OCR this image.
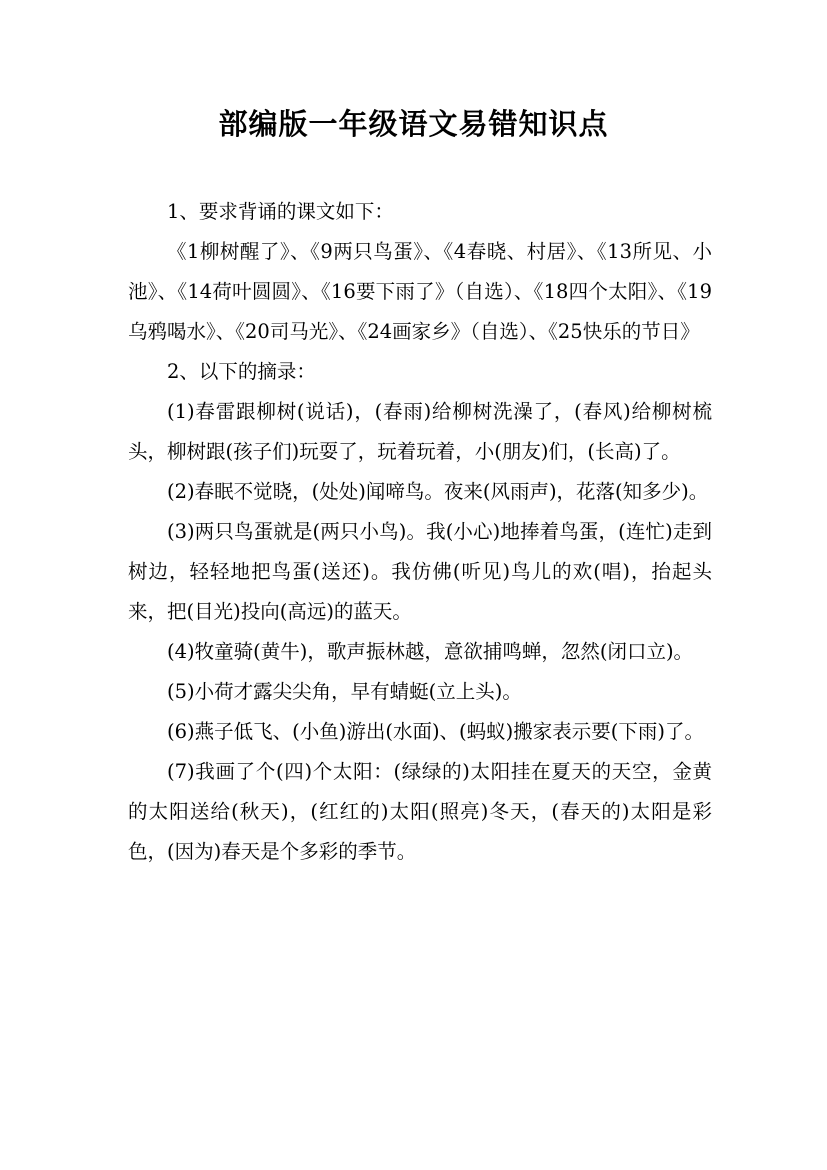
部编版一年级语文易错知识点

1、要求背诵的课文如下：

《1柳树醒了》、《9两只鸟蛋》、《4春晓、村居》、《13所见、小池》、《14荷叶圆圆》、《16要下雨了》（自选）、《18四个太阳》、《19乌鸦喝水》、《20司马光》、《24画家乡》（自选）、《25快乐的节日》

2、以下的摘录：

(1)春雷跟柳树(说话)，(春雨)给柳树洗澡了，(春风)给柳树梳头，柳树跟(孩子们)玩耍了，玩着玩着，小(朋友)们，(长高)了。

(2)春眠不觉晓，(处处)闻啼鸟。夜来(风雨声)，花落(知多少)。

(3)两只鸟蛋就是(两只小鸟)。我(小心)地捧着鸟蛋，(连忙)走到树边，轻轻地把鸟蛋(送还)。我仿佛(听见)鸟儿的欢(唱)，抬起头来，把(目光)投向(高远)的蓝天。

(4)牧童骑(黄牛)，歌声振林越，意欲捕鸣蝉，忽然(闭口立)。

(5)小荷才露尖尖角，早有蜻蜓(立上头)。

(6)燕子低飞、(小鱼)游出(水面)、(蚂蚁)搬家表示要(下雨)了。

(7)我画了个(四)个太阳：(绿绿的)太阳挂在夏天的天空，金黄的太阳送给(秋天)，(红红的)太阳(照亮)冬天，(春天的)太阳是彩色，(因为)春天是个多彩的季节。
